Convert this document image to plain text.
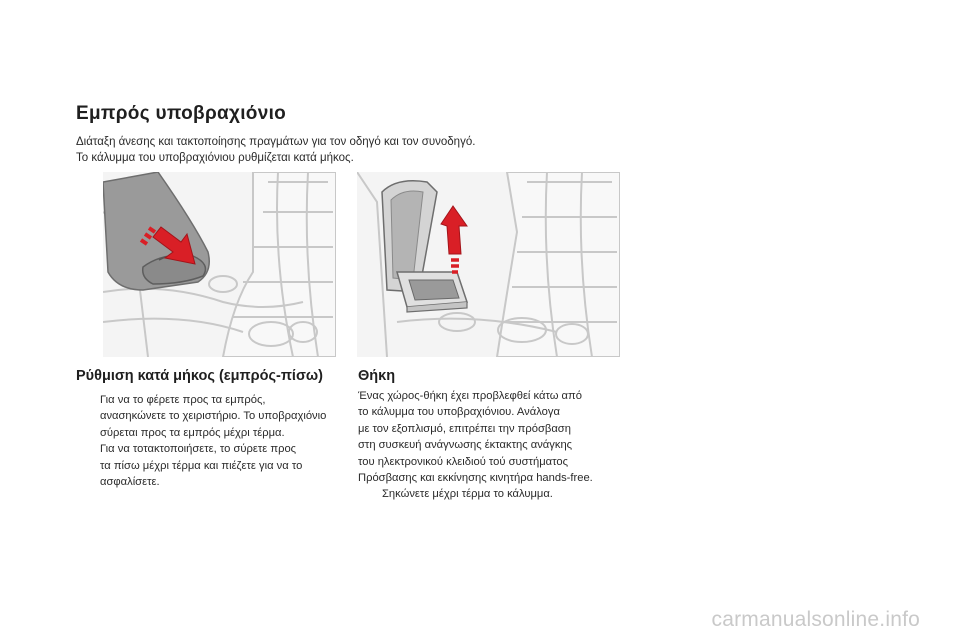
Εμπρός υποβραχιόνιο
Διάταξη άνεσης και τακτοποίησης πραγμάτων για τον οδηγό και τον συνοδηγό.
Το κάλυμμα του υποβραχιόνιου ρυθμίζεται κατά μήκος.
Ρύθμιση κατά μήκος (εμπρός-πίσω)
Για να το φέρετε προς τα εμπρός,
ανασηκώνετε το χειριστήριο. Το υποβραχιόνιο
σύρεται προς τα εμπρός μέχρι τέρμα.
Για να τοτακτοποιήσετε, το σύρετε προς
τα πίσω μέχρι τέρμα και πιέζετε για να το
ασφαλίσετε.
Θήκη
Ένας χώρος-θήκη έχει προβλεφθεί κάτω από
το κάλυμμα του υποβραχιόνιου. Ανάλογα
με τον εξοπλισμό, επιτρέπει την πρόσβαση
στη συσκευή ανάγνωσης έκτακτης ανάγκης
του ηλεκτρονικού κλειδιού τού συστήματος
Πρόσβασης και εκκίνησης κινητήρα hands-free.
Σηκώνετε μέχρι τέρμα το κάλυμμα.
carmanualsonline.info
